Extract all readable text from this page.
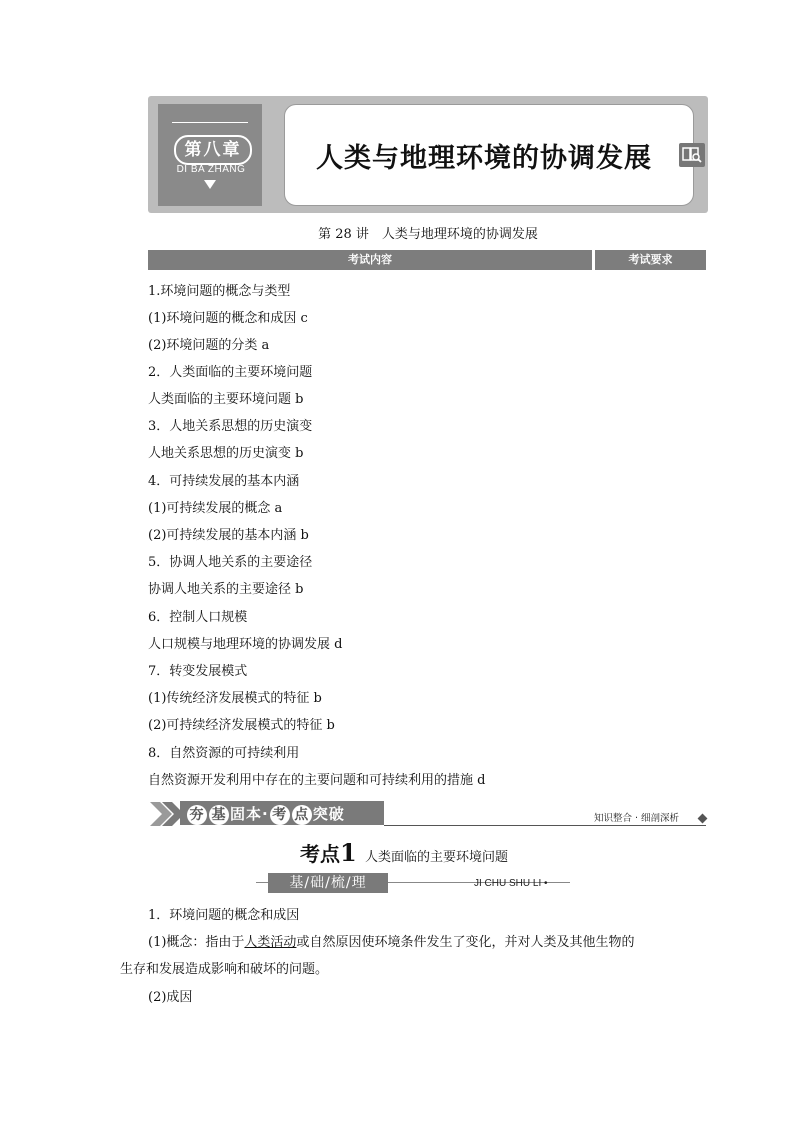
第八章
DI BA ZHANG	人类与地理环境的协调发展
第 28 讲　人类与地理环境的协调发展
考试内容	考试要求
1.环境问题的概念与类型
(1)环境问题的概念和成因 c
(2)环境问题的分类 a
2．人类面临的主要环境问题
人类面临的主要环境问题 b
3．人地关系思想的历史演变
人地关系思想的历史演变 b
4．可持续发展的基本内涵
(1)可持续发展的概念 a
(2)可持续发展的基本内涵 b
5．协调人地关系的主要途径
协调人地关系的主要途径 b
6．控制人口规模
人口规模与地理环境的协调发展 d
7．转变发展模式
(1)传统经济发展模式的特征 b
(2)可持续经济发展模式的特征 b
8．自然资源的可持续利用
自然资源开发利用中存在的主要问题和可持续利用的措施 d
夯 基 固本· 考 点 突破	知识整合 · 细剖深析
考点1 人类面临的主要环境问题
基/础/梳/理	JI CHU SHU LI •
1．环境问题的概念和成因
(1)概念：指由于人类活动或自然原因使环境条件发生了变化，并对人类及其他生物的
生存和发展造成影响和破坏的问题。
(2)成因
